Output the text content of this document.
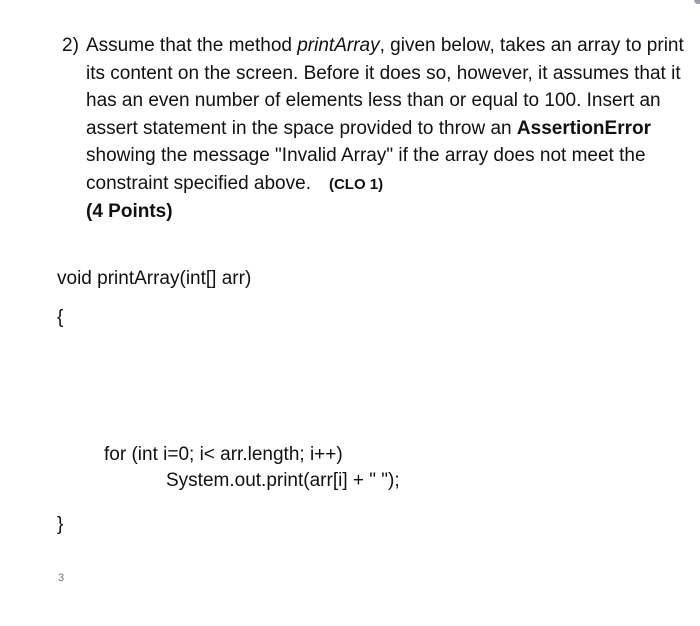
2) Assume that the method printArray, given below, takes an array to print its content on the screen. Before it does so, however, it assumes that it has an even number of elements less than or equal to 100. Insert an assert statement in the space provided to throw an AssertionError showing the message "Invalid Array" if the array does not meet the constraint specified above. (CLO 1)
(4 Points)
void printArray(int[] arr)
{
for (int i=0; i< arr.length; i++)
System.out.print(arr[i] + " ");
}
3
